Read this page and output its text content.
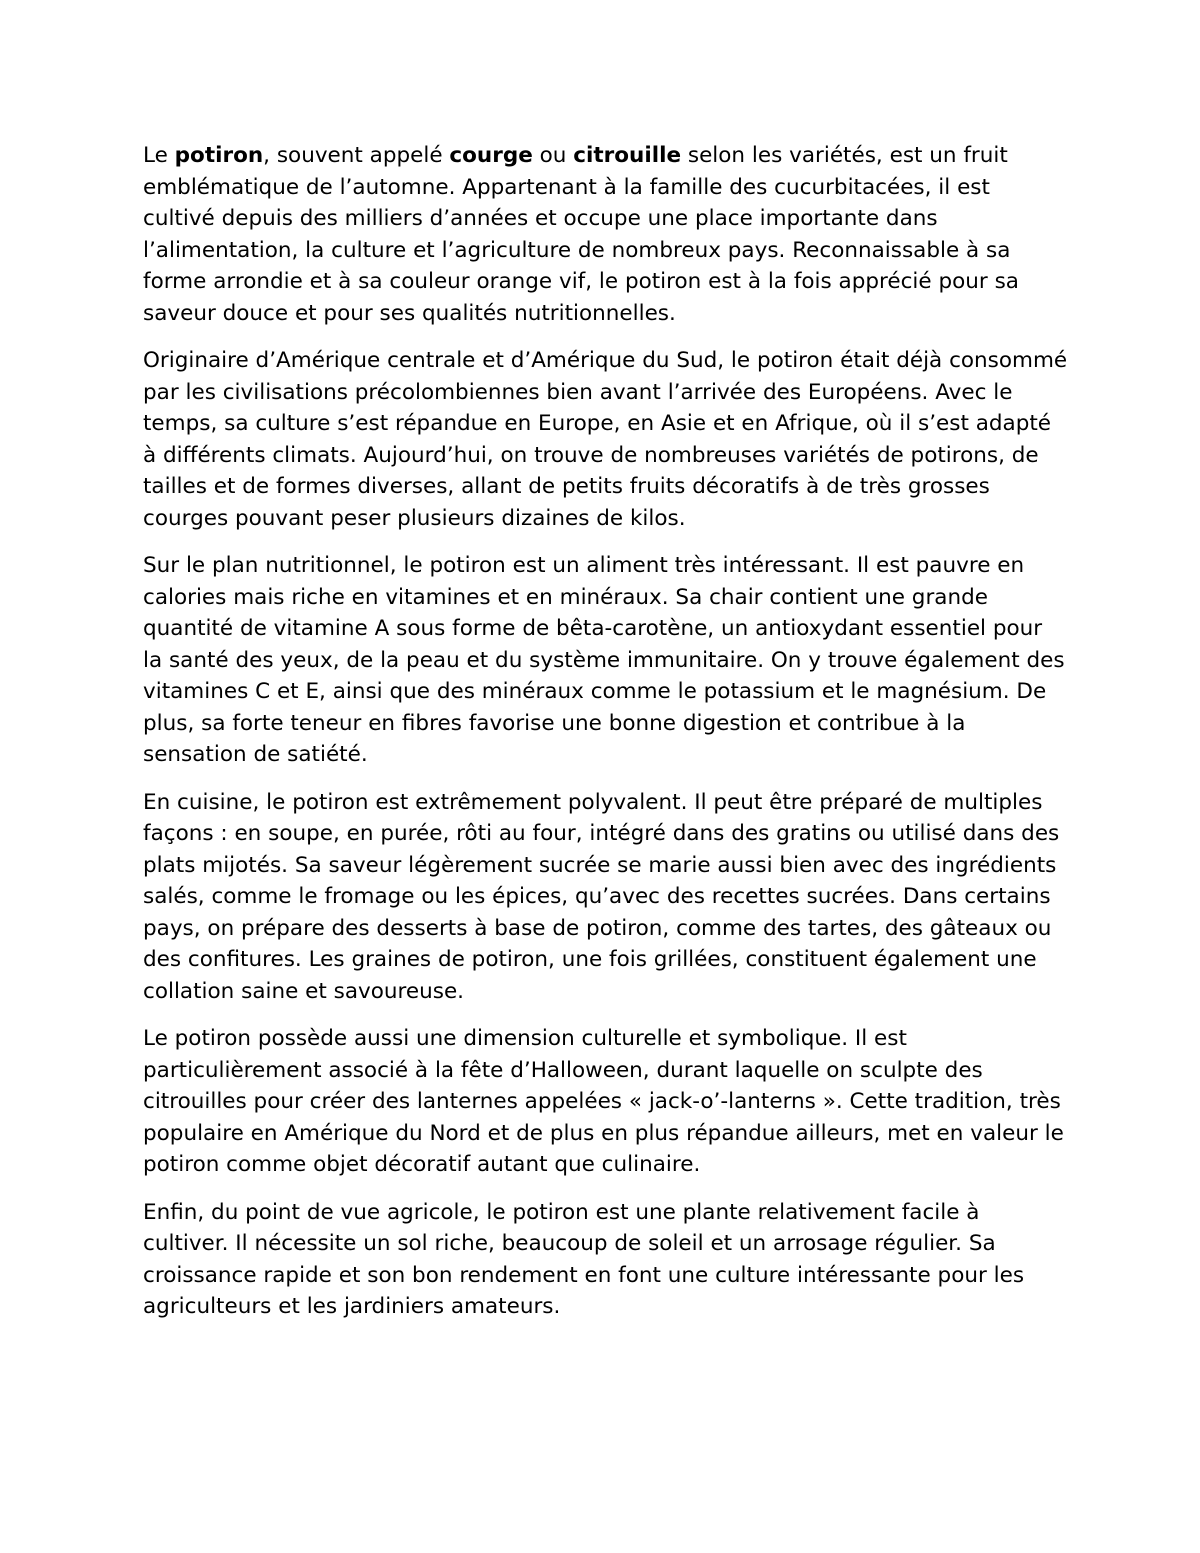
Le potiron, souvent appelé courge ou citrouille selon les variétés, est un fruit emblématique de l’automne. Appartenant à la famille des cucurbitacées, il est cultivé depuis des milliers d’années et occupe une place importante dans l’alimentation, la culture et l’agriculture de nombreux pays. Reconnaissable à sa forme arrondie et à sa couleur orange vif, le potiron est à la fois apprécié pour sa saveur douce et pour ses qualités nutritionnelles.

Originaire d’Amérique centrale et d’Amérique du Sud, le potiron était déjà consommé par les civilisations précolombiennes bien avant l’arrivée des Européens. Avec le temps, sa culture s’est répandue en Europe, en Asie et en Afrique, où il s’est adapté à différents climats. Aujourd’hui, on trouve de nombreuses variétés de potirons, de tailles et de formes diverses, allant de petits fruits décoratifs à de très grosses courges pouvant peser plusieurs dizaines de kilos.

Sur le plan nutritionnel, le potiron est un aliment très intéressant. Il est pauvre en calories mais riche en vitamines et en minéraux. Sa chair contient une grande quantité de vitamine A sous forme de bêta-carotène, un antioxydant essentiel pour la santé des yeux, de la peau et du système immunitaire. On y trouve également des vitamines C et E, ainsi que des minéraux comme le potassium et le magnésium. De plus, sa forte teneur en fibres favorise une bonne digestion et contribue à la sensation de satiété.

En cuisine, le potiron est extrêmement polyvalent. Il peut être préparé de multiples façons : en soupe, en purée, rôti au four, intégré dans des gratins ou utilisé dans des plats mijotés. Sa saveur légèrement sucrée se marie aussi bien avec des ingrédients salés, comme le fromage ou les épices, qu’avec des recettes sucrées. Dans certains pays, on prépare des desserts à base de potiron, comme des tartes, des gâteaux ou des confitures. Les graines de potiron, une fois grillées, constituent également une collation saine et savoureuse.

Le potiron possède aussi une dimension culturelle et symbolique. Il est particulièrement associé à la fête d’Halloween, durant laquelle on sculpte des citrouilles pour créer des lanternes appelées « jack-o’-lanterns ». Cette tradition, très populaire en Amérique du Nord et de plus en plus répandue ailleurs, met en valeur le potiron comme objet décoratif autant que culinaire.

Enfin, du point de vue agricole, le potiron est une plante relativement facile à cultiver. Il nécessite un sol riche, beaucoup de soleil et un arrosage régulier. Sa croissance rapide et son bon rendement en font une culture intéressante pour les agriculteurs et les jardiniers amateurs.
